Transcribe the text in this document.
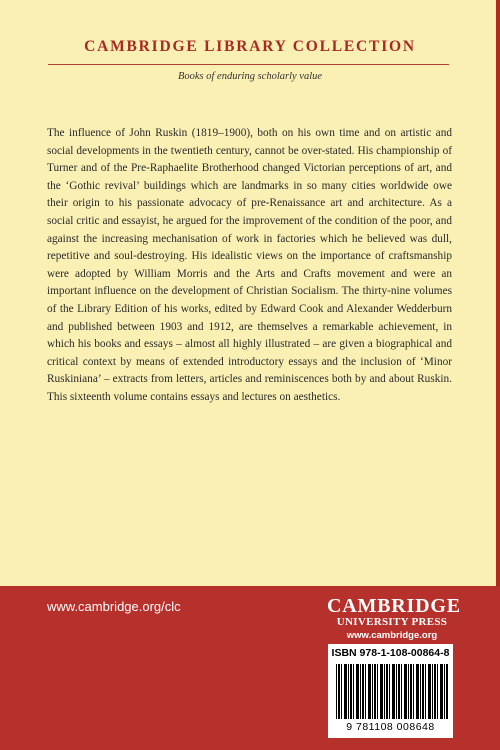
CAMBRIDGE LIBRARY COLLECTION
Books of enduring scholarly value

The influence of John Ruskin (1819–1900), both on his own time and on artistic and social developments in the twentieth century, cannot be over-stated. His championship of Turner and of the Pre-Raphaelite Brotherhood changed Victorian perceptions of art, and the ‘Gothic revival’ buildings which are landmarks in so many cities worldwide owe their origin to his passionate advocacy of pre-Renaissance art and architecture. As a social critic and essayist, he argued for the improvement of the condition of the poor, and against the increasing mechanisation of work in factories which he believed was dull, repetitive and soul-destroying. His idealistic views on the importance of craftsmanship were adopted by William Morris and the Arts and Crafts movement and were an important influence on the development of Christian Socialism. The thirty-nine volumes of the Library Edition of his works, edited by Edward Cook and Alexander Wedderburn and published between 1903 and 1912, are themselves a remarkable achievement, in which his books and essays – almost all highly illustrated – are given a biographical and critical context by means of extended introductory essays and the inclusion of ‘Minor Ruskiniana’ – extracts from letters, articles and reminiscences both by and about Ruskin. This sixteenth volume contains essays and lectures on aesthetics.

www.cambridge.org/clc	CAMBRIDGE
UNIVERSITY PRESS
www.cambridge.org
ISBN 978-1-108-00864-8
9 781108 008648
